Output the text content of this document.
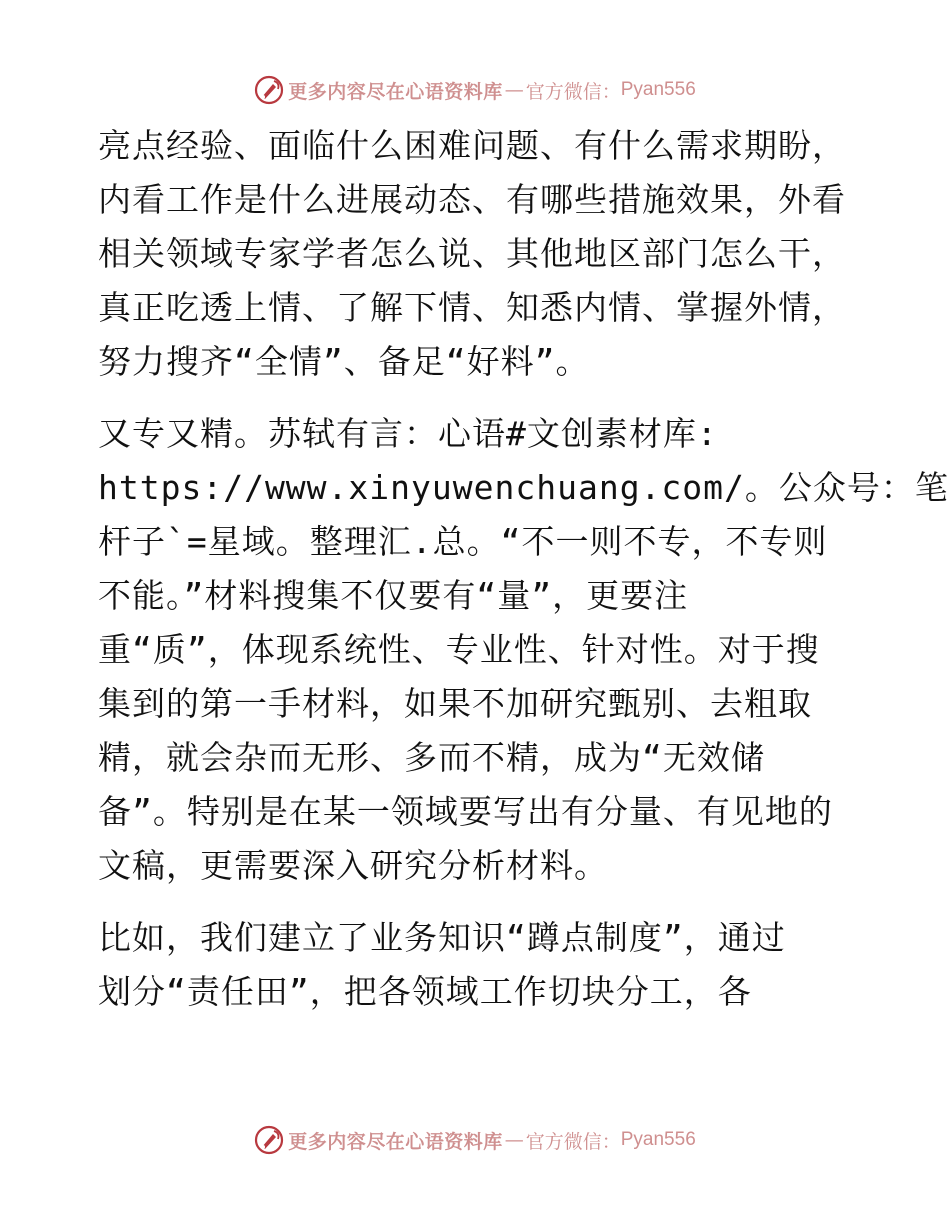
更多内容尽在心语资料库 — 官方微信： Pyan556
亮点经验、面临什么困难问题、有什么需求期盼，
内看工作是什么进展动态、有哪些措施效果，外看
相关领域专家学者怎么说、其他地区部门怎么干，
真正吃透上情、了解下情、知悉内情、掌握外情，
努力搜齐“全情”、备足“好料”。
又专又精。苏轼有言：心语#文创素材库:
https://www.xinyuwenchuang.com/。公众号：笔
杆子`=星域。整理汇.总。“不一则不专，不专则
不能。”材料搜集不仅要有“量”，更要注
重“质”，体现系统性、专业性、针对性。对于搜
集到的第一手材料，如果不加研究甄别、去粗取
精，就会杂而无形、多而不精，成为“无效储
备”。特别是在某一领域要写出有分量、有见地的
文稿，更需要深入研究分析材料。
比如，我们建立了业务知识“蹲点制度”，通过
划分“责任田”，把各领域工作切块分工，各
更多内容尽在心语资料库 — 官方微信： Pyan556
